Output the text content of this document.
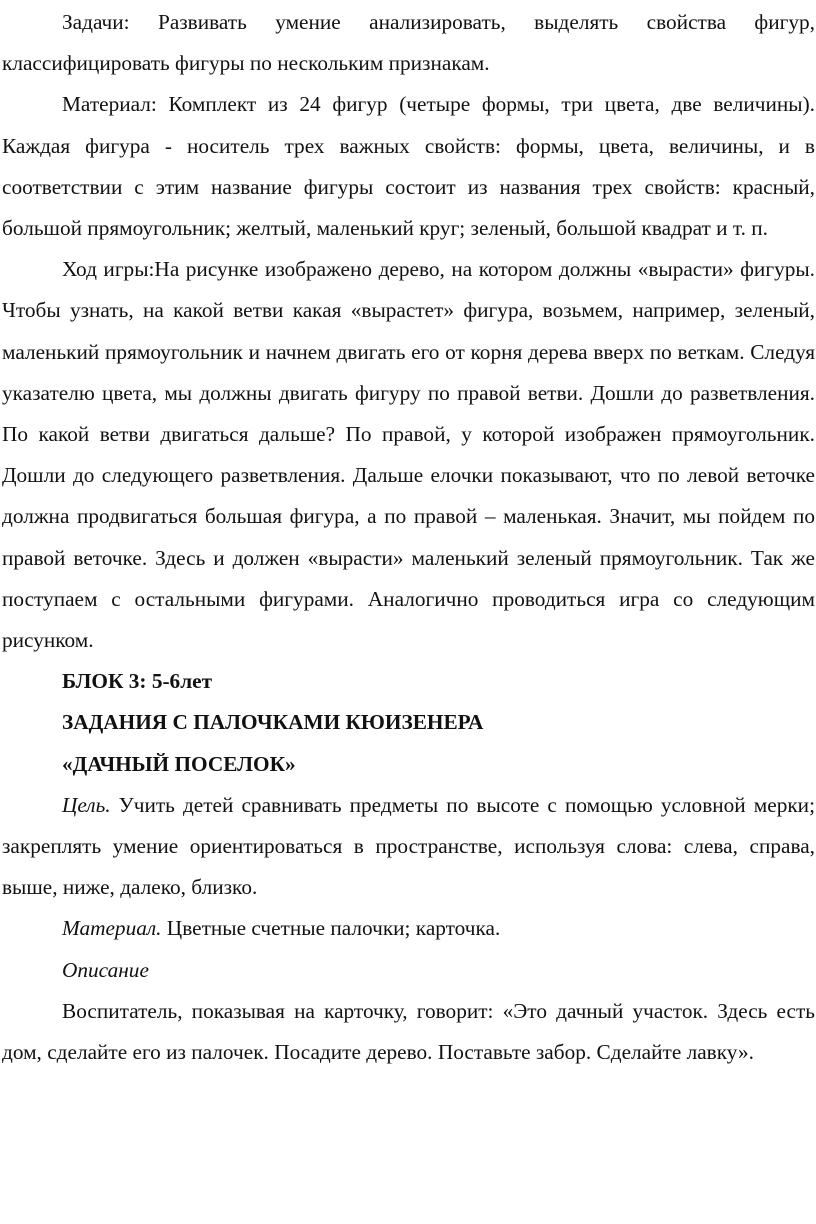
Задачи: Развивать умение анализировать, выделять свойства фигур, классифицировать фигуры по нескольким признакам.

Материал: Комплект из 24 фигур (четыре формы, три цвета, две величины). Каждая фигура - носитель трех важных свойств: формы, цвета, величины, и в соответствии с этим название фигуры состоит из названия трех свойств: красный, большой прямоугольник; желтый, маленький круг; зеленый, большой квадрат и т. п.

Ход игры:На рисунке изображено дерево, на котором должны «вырасти» фигуры. Чтобы узнать, на какой ветви какая «вырастет» фигура, возьмем, например, зеленый, маленький прямоугольник и начнем двигать его от корня дерева вверх по веткам. Следуя указателю цвета, мы должны двигать фигуру по правой ветви. Дошли до разветвления. По какой ветви двигаться дальше? По правой, у которой изображен прямоугольник. Дошли до следующего разветвления. Дальше елочки показывают, что по левой веточке должна продвигаться большая фигура, а по правой – маленькая. Значит, мы пойдем по правой веточке. Здесь и должен «вырасти» маленький зеленый прямоугольник. Так же поступаем с остальными фигурами. Аналогично проводиться игра со следующим рисунком.

БЛОК 3: 5-6лет

ЗАДАНИЯ С ПАЛОЧКАМИ КЮИЗЕНЕРА

«ДАЧНЫЙ ПОСЕЛОК»

Цель. Учить детей сравнивать предметы по высоте с помощью условной мерки; закреплять умение ориентироваться в пространстве, используя слова: слева, справа, выше, ниже, далеко, близко.

Материал. Цветные счетные палочки; карточка.

Описание

Воспитатель, показывая на карточку, говорит: «Это дачный участок. Здесь есть дом, сделайте его из палочек. Посадите дерево. Поставьте забор. Сделайте лавку».
